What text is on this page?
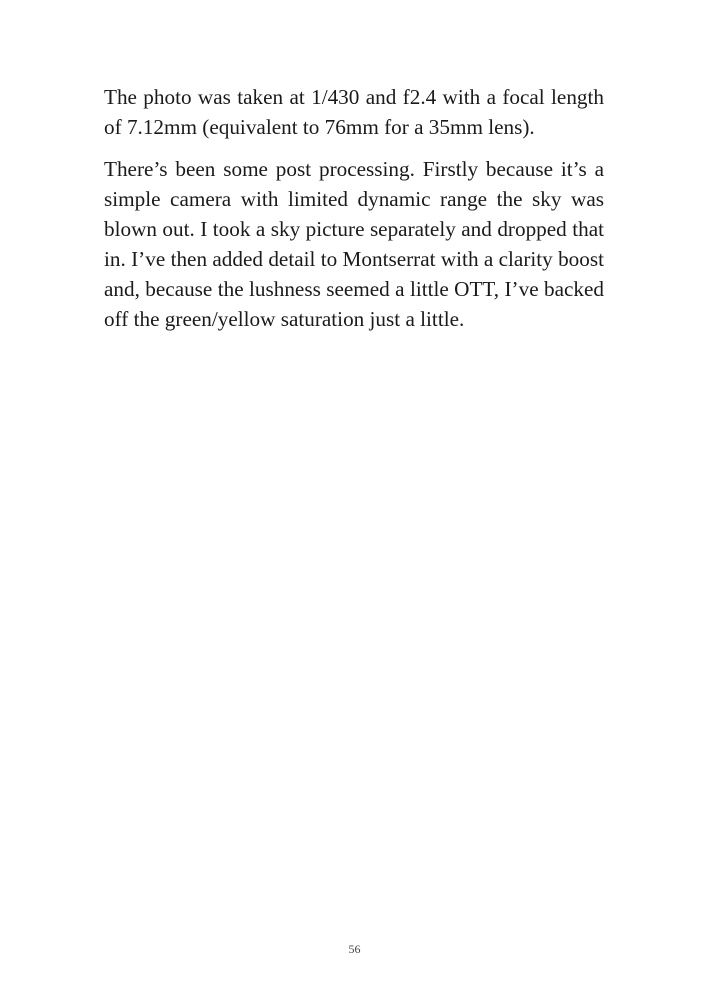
The photo was taken at 1/430 and f2.4 with a focal length of 7.12mm (equivalent to 76mm for a 35mm lens).

There’s been some post processing. Firstly because it’s a simple camera with limited dynamic range the sky was blown out. I took a sky picture separately and dropped that in. I’ve then added detail to Montserrat with a clarity boost and, because the lushness seemed a little OTT, I’ve backed off the green/yellow saturation just a little.

56
